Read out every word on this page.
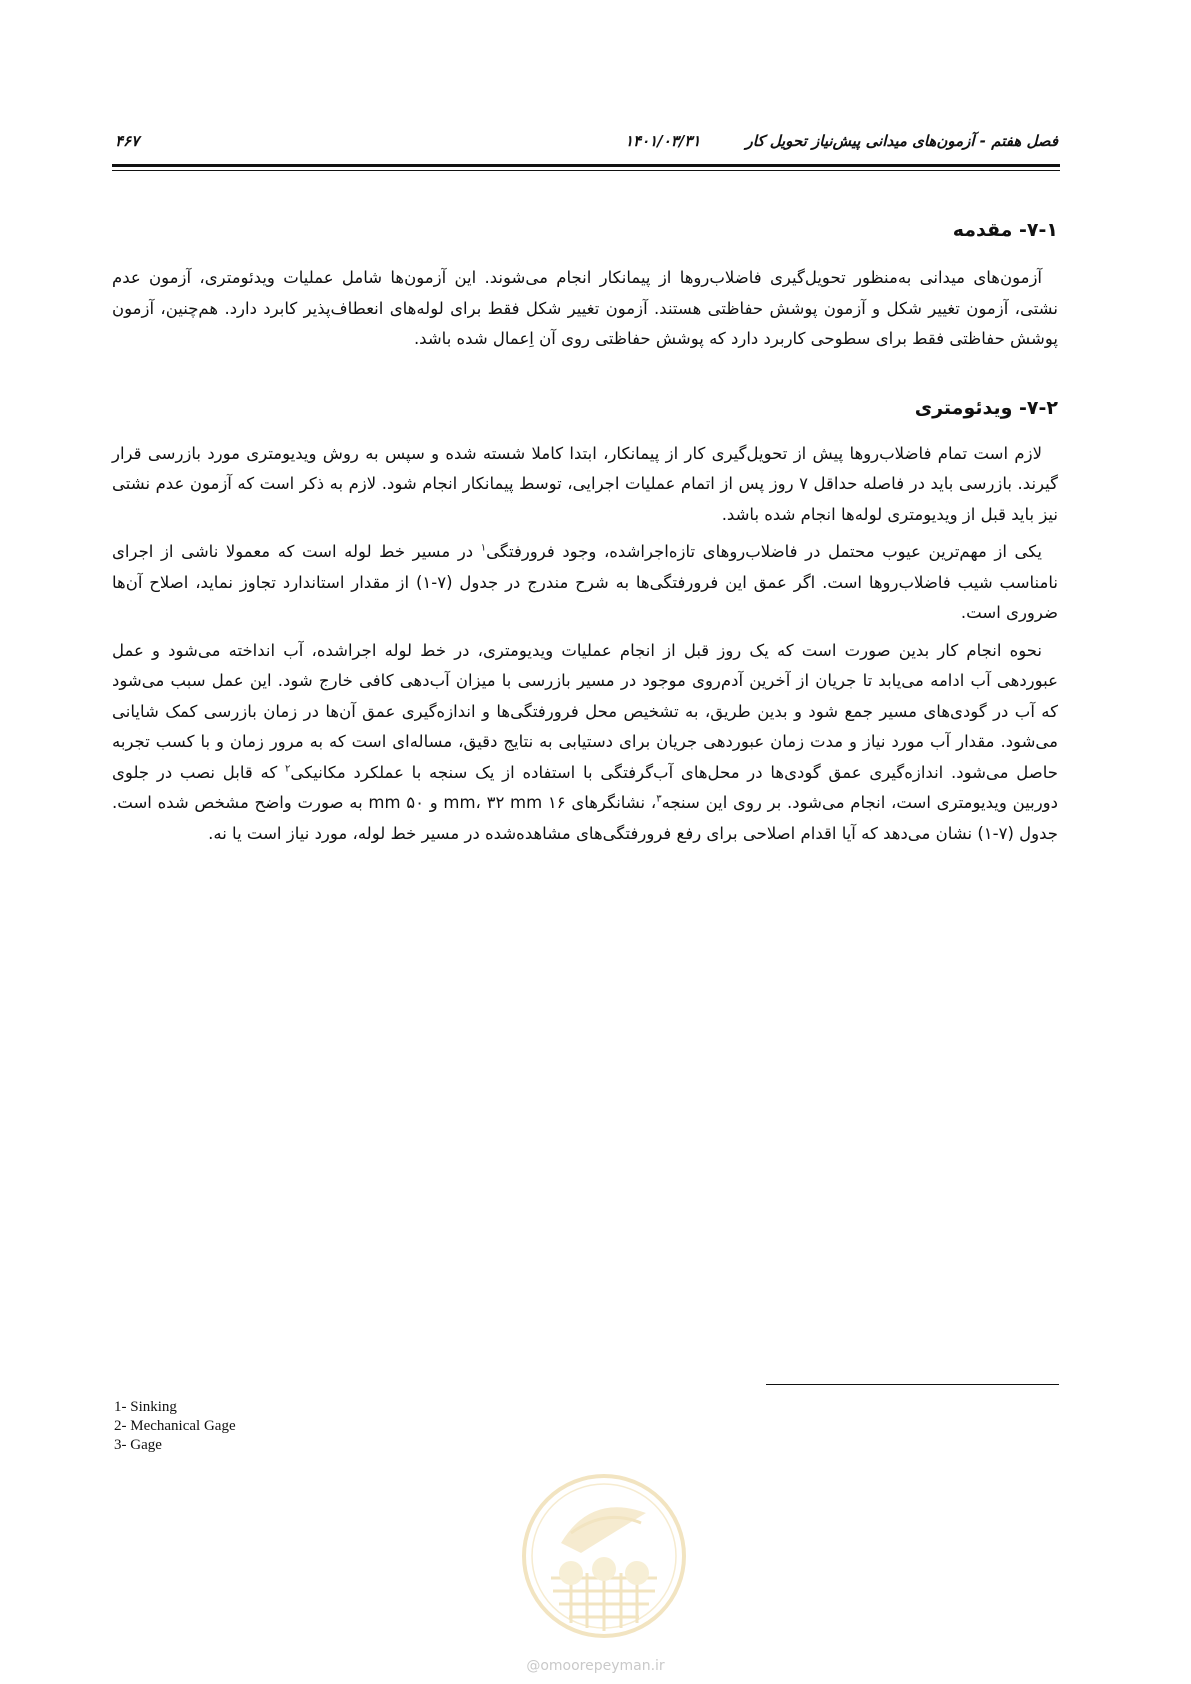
فصل هفتم - آزمون‌های میدانی پیش‌نیاز تحویل کار
۱۴۰۱/۰۳/۳۱
۴۶۷
۷-۱- مقدمه

آزمون‌های میدانی به‌منظور تحویل‌گیری فاضلاب‌روها از پیمانکار انجام می‌شوند. این آزمون‌ها شامل عملیات ویدئومتری، آزمون عدم نشتی، آزمون تغییر شکل و آزمون پوشش حفاظتی هستند. آزمون تغییر شکل فقط برای لوله‌های انعطاف‌پذیر کابرد دارد. هم‌چنین، آزمون پوشش حفاظتی فقط برای سطوحی کاربرد دارد که پوشش حفاظتی روی آن اِعمال شده باشد.

۷-۲- ویدئومتری

لازم است تمام فاضلاب‌روها پیش از تحویل‌گیری کار از پیمانکار، ابتدا کاملا شسته شده و سپس به روش ویدیومتری مورد بازرسی قرار گیرند. بازرسی باید در فاصله حداقل ۷ روز پس از اتمام عملیات اجرایی، توسط پیمانکار انجام شود. لازم به ذکر است که آزمون عدم نشتی نیز باید قبل از ویدیومتری لوله‌ها انجام شده باشد.

یکی از مهم‌ترین عیوب محتمل در فاضلاب‌روهای تازه‌اجراشده، وجود فرورفتگی$^۱$ در مسیر خط لوله است که معمولا ناشی از اجرای نامناسب شیب فاضلاب‌روها است. اگر عمق این فرورفتگی‌ها به شرح مندرج در جدول (۷-۱) از مقدار استاندارد تجاوز نماید، اصلاح آن‌ها ضروری است.

نحوه انجام کار بدین صورت است که یک روز قبل از انجام عملیات ویدیومتری، در خط لوله اجراشده، آب انداخته می‌شود و عمل عبوردهی آب ادامه می‌یابد تا جریان از آخرین آدم‌روی موجود در مسیر بازرسی با میزان آب‌دهی کافی خارج شود. این عمل سبب می‌شود که آب در گودی‌های مسیر جمع شود و بدین طریق، به تشخیص محل فرورفتگی‌ها و اندازه‌گیری عمق آن‌ها در زمان بازرسی کمک شایانی می‌شود. مقدار آب مورد نیاز و مدت زمان عبوردهی جریان برای دستیابی به نتایج دقیق، مساله‌ای است که به مرور زمان و با کسب تجربه حاصل می‌شود. اندازه‌گیری عمق گودی‌ها در محل‌های آب‌گرفتگی با استفاده از یک سنجه با عملکرد مکانیکی$^۲$ که قابل نصب در جلوی دوربین ویدیومتری است، انجام می‌شود. بر روی این سنجه$^۳$، نشانگرهای ۱۶ mm، ۳۲ mm و ۵۰ mm به صورت واضح مشخص شده است. جدول (۷-۱) نشان می‌دهد که آیا اقدام اصلاحی برای رفع فرورفتگی‌های مشاهده‌شده در مسیر خط لوله، مورد نیاز است یا نه.

1- Sinking
2- Mechanical Gage
3- Gage
@omoorepeyman.ir
